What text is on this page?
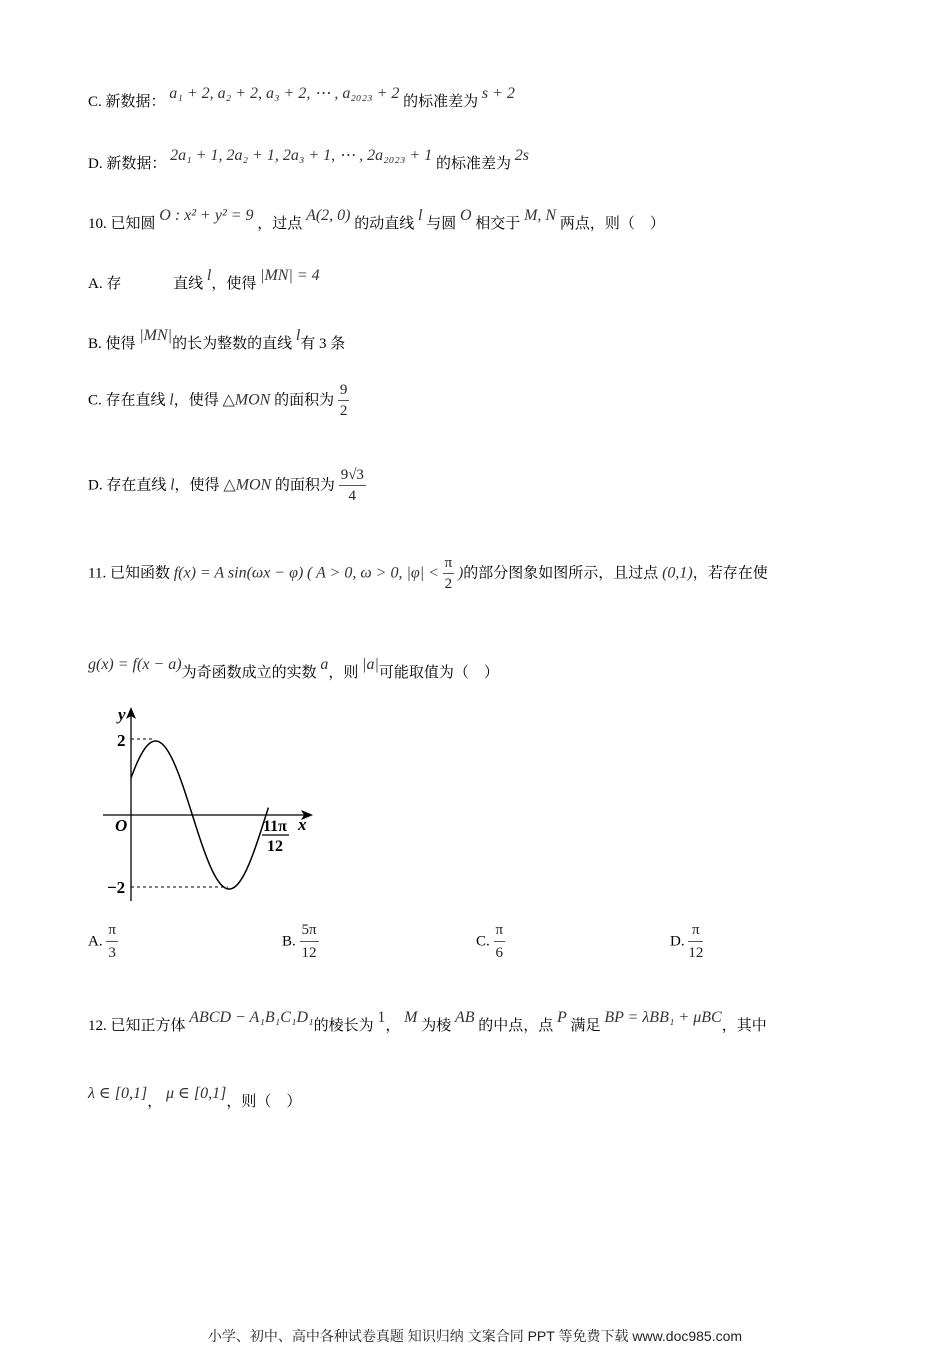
C. 新数据： a₁ + 2, a₂ + 2, a₃ + 2, ⋯ , a₂₀₂₃ + 2 的标准差为 s + 2
D. 新数据： 2a₁ + 1, 2a₂ + 1, 2a₃ + 1, ⋯ , 2a₂₀₂₃ + 1 的标准差为 2s
10. 已知圆 O : x² + y² = 9 ，过点 A(2, 0) 的动直线 l 与圆 O 相交于 M, N 两点，则（　）
A. 存	直线 l，使得 |MN| = 4
B. 使得 |MN|的长为整数的直线 l有 3 条
C. 存在直线 l，使得 △MON 的面积为 $\frac{9}{2}$
D. 存在直线 l，使得 △MON 的面积为 $\frac{9√3}{4}$
11. 已知函数 f(x) = A sin(ωx − φ) ( A > 0, ω > 0, $|\varphi| < \frac{\pi}{2}$ )的部分图象如图所示，且过点 (0,1)，若存在使
g(x) = f(x − a)为奇函数成立的实数 a，则 |a|可能取值为（　）
y
x
O
2
−2
11π
12
A. $\frac{\pi}{3}$	B. $\frac{5\pi}{12}$	C. $\frac{\pi}{6}$	D. $\frac{\pi}{12}$
12. 已知正方体 ABCD − A₁B₁C₁D₁的棱长为 1， M 为棱 AB 的中点，点 P 满足 BP = λBB₁ + μBC，其中
λ ∈ [0,1]， μ ∈ [0,1]，则（　）
小学、初中、高中各种试卷真题 知识归纳 文案合同 PPT 等免费下载 www.doc985.com
